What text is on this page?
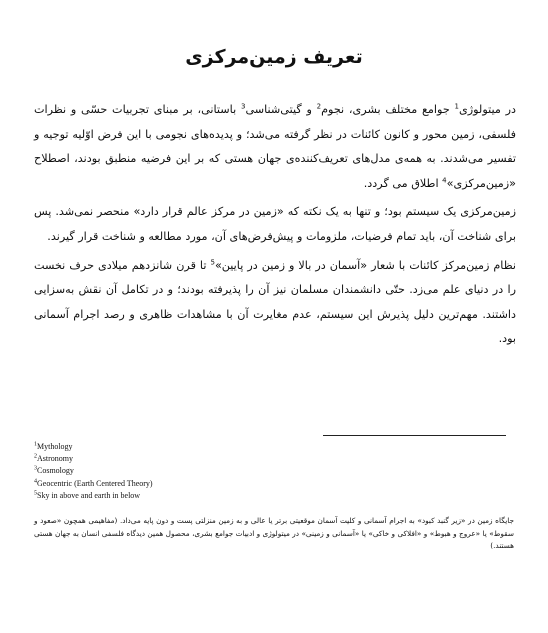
تعریف زمین‌مرکزی

در میتولوژی$^1$ جوامع مختلف بشری، نجوم$^2$ و گیتی‌شناسی$^3$ باستانی، بر مبنای تجربیات حسّی و نظرات فلسفی، زمین محور و کانون کائنات در نظر گرفته می‌شد؛ و پدیده‌های نجومی با این فرض اوّلیه توجیه و تفسیر می‌شدند. به همه‌ی مدل‌های تعریف‌کننده‌ی جهان هستی که بر این فرضیه منطبق بودند، اصطلاح «زمین‌مرکزی»$^4$ اطلاق می گردد.

زمین‌مرکزی یک سیستم بود؛ و تنها به یک نکته که «زمین در مرکز عالم قرار دارد» منحصر نمی‌شد. پس برای شناخت آن، باید تمام فرضیات، ملزومات و پیش‌فرض‌های آن، مورد مطالعه و شناخت قرار گیرند.

نظام زمین‌مرکز کائنات با شعار «آسمان در بالا و زمین در پایین»$^5$ تا قرن شانزدهم میلادی حرف نخست را در دنیای علم می‌زد. حتّی دانشمندان مسلمان نیز آن را پذیرفته بودند؛ و در تکامل آن نقش به‌سزایی داشتند. مهم‌ترین دلیل پذیرش این سیستم، عدم مغایرت آن با مشاهدات ظاهری و رصد اجرام آسمانی بود.

$^1$Mythology

$^2$Astronomy

$^3$Cosmology

$^4$Geocentric (Earth Centered Theory)

$^5$Sky in above and earth in below

جایگاه زمین در «زیر گنبد کبود» به اجرام آسمانی و کلیت آسمان موقعیتی برتر یا عالی و به زمین منزلتی پست و دون پایه می‌داد. (مفاهیمی همچون «صعود و سقوط» یا «عروج و هبوط» و «افلاکی و خاکی» یا «آسمانی و زمینی» در میتولوژی و ادبیات جوامع بشری، محصول همین دیدگاه فلسفی انسان به جهان هستی هستند.)
